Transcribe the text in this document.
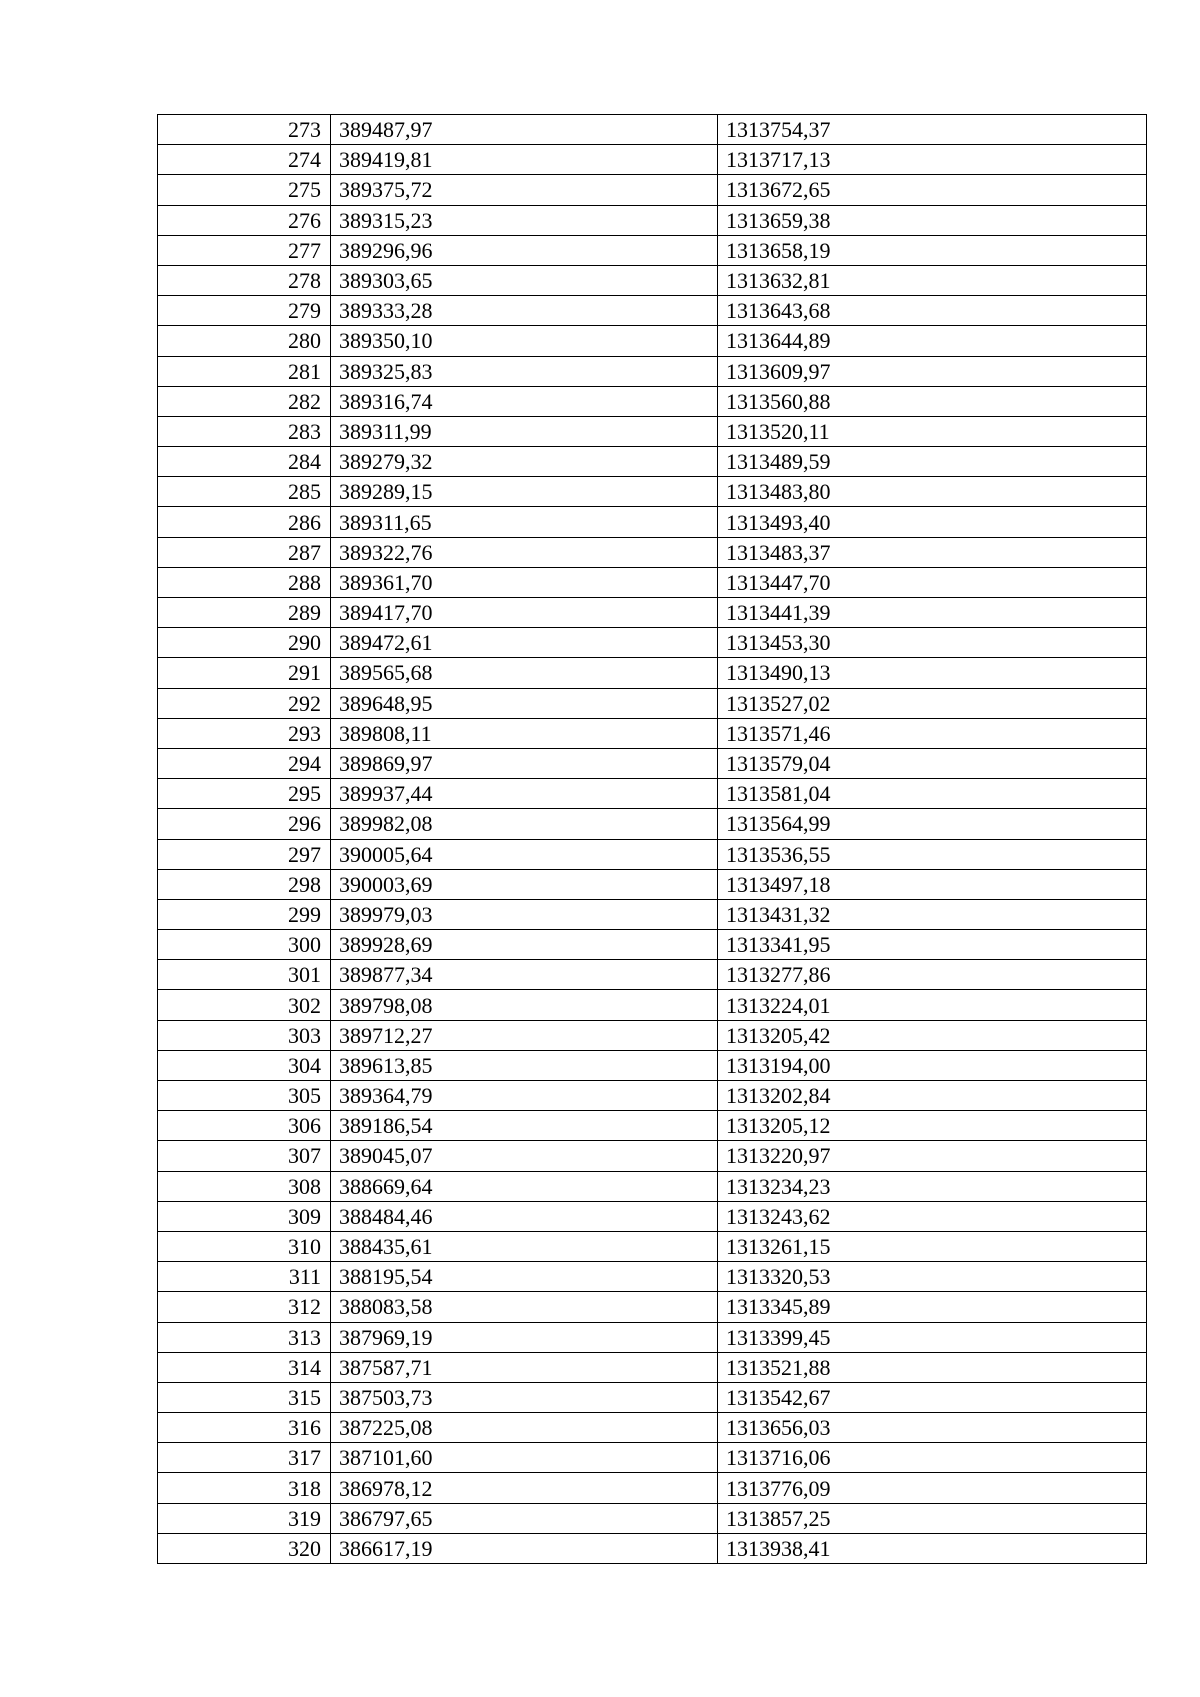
273	389487,97	1313754,37
274	389419,81	1313717,13
275	389375,72	1313672,65
276	389315,23	1313659,38
277	389296,96	1313658,19
278	389303,65	1313632,81
279	389333,28	1313643,68
280	389350,10	1313644,89
281	389325,83	1313609,97
282	389316,74	1313560,88
283	389311,99	1313520,11
284	389279,32	1313489,59
285	389289,15	1313483,80
286	389311,65	1313493,40
287	389322,76	1313483,37
288	389361,70	1313447,70
289	389417,70	1313441,39
290	389472,61	1313453,30
291	389565,68	1313490,13
292	389648,95	1313527,02
293	389808,11	1313571,46
294	389869,97	1313579,04
295	389937,44	1313581,04
296	389982,08	1313564,99
297	390005,64	1313536,55
298	390003,69	1313497,18
299	389979,03	1313431,32
300	389928,69	1313341,95
301	389877,34	1313277,86
302	389798,08	1313224,01
303	389712,27	1313205,42
304	389613,85	1313194,00
305	389364,79	1313202,84
306	389186,54	1313205,12
307	389045,07	1313220,97
308	388669,64	1313234,23
309	388484,46	1313243,62
310	388435,61	1313261,15
311	388195,54	1313320,53
312	388083,58	1313345,89
313	387969,19	1313399,45
314	387587,71	1313521,88
315	387503,73	1313542,67
316	387225,08	1313656,03
317	387101,60	1313716,06
318	386978,12	1313776,09
319	386797,65	1313857,25
320	386617,19	1313938,41
